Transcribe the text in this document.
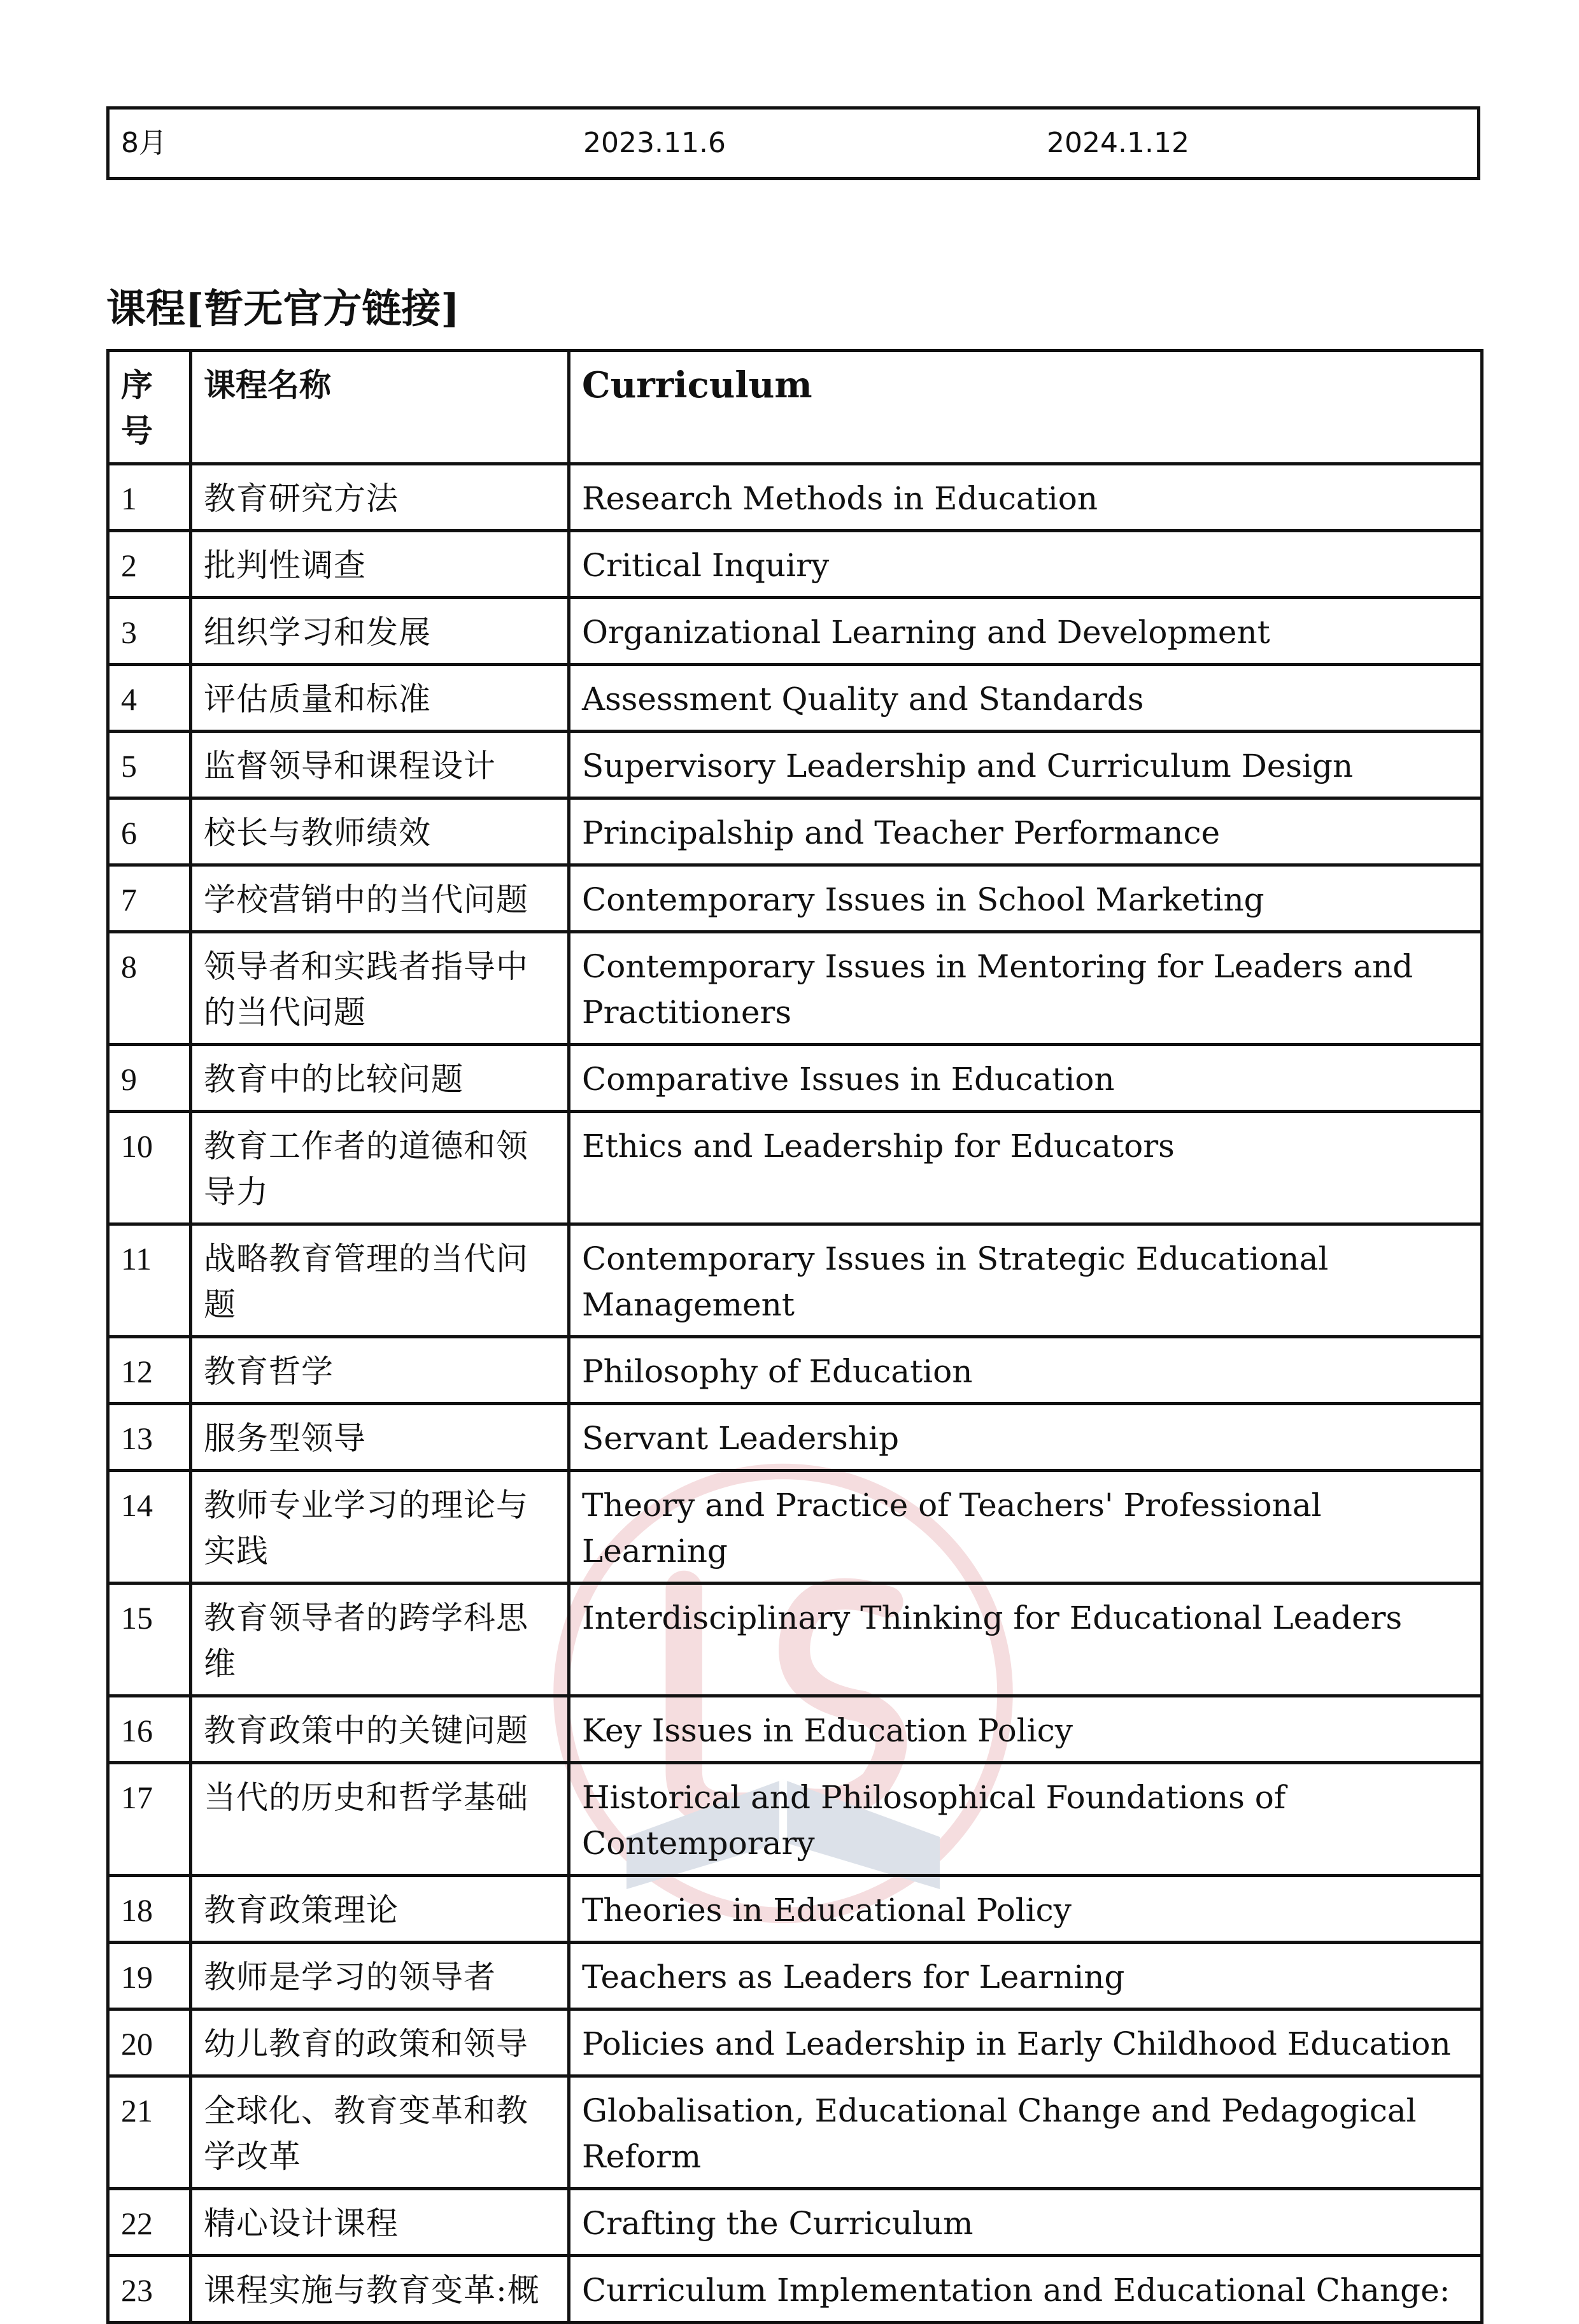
8月	2023.11.6	2024.1.12
课程[暂无官方链接]
序号	课程名称	Curriculum
1	教育研究方法	Research Methods in Education
2	批判性调查	Critical Inquiry
3	组织学习和发展	Organizational Learning and Development
4	评估质量和标准	Assessment Quality and Standards
5	监督领导和课程设计	Supervisory Leadership and Curriculum Design
6	校长与教师绩效	Principalship and Teacher Performance
7	学校营销中的当代问题	Contemporary Issues in School Marketing
8	领导者和实践者指导中的当代问题	Contemporary Issues in Mentoring for Leaders and Practitioners
9	教育中的比较问题	Comparative Issues in Education
10	教育工作者的道德和领导力	Ethics and Leadership for Educators
11	战略教育管理的当代问题	Contemporary Issues in Strategic Educational Management
12	教育哲学	Philosophy of Education
13	服务型领导	Servant Leadership
14	教师专业学习的理论与实践	Theory and Practice of Teachers' Professional Learning
15	教育领导者的跨学科思维	Interdisciplinary Thinking for Educational Leaders
16	教育政策中的关键问题	Key Issues in Education Policy
17	当代的历史和哲学基础	Historical and Philosophical Foundations of Contemporary
18	教育政策理论	Theories in Educational Policy
19	教师是学习的领导者	Teachers as Leaders for Learning
20	幼儿教育的政策和领导	Policies and Leadership in Early Childhood Education
21	全球化、教育变革和教学改革	Globalisation, Educational Change and Pedagogical Reform
22	精心设计课程	Crafting the Curriculum
23	课程实施与教育变革:概	Curriculum Implementation and Educational Change:
